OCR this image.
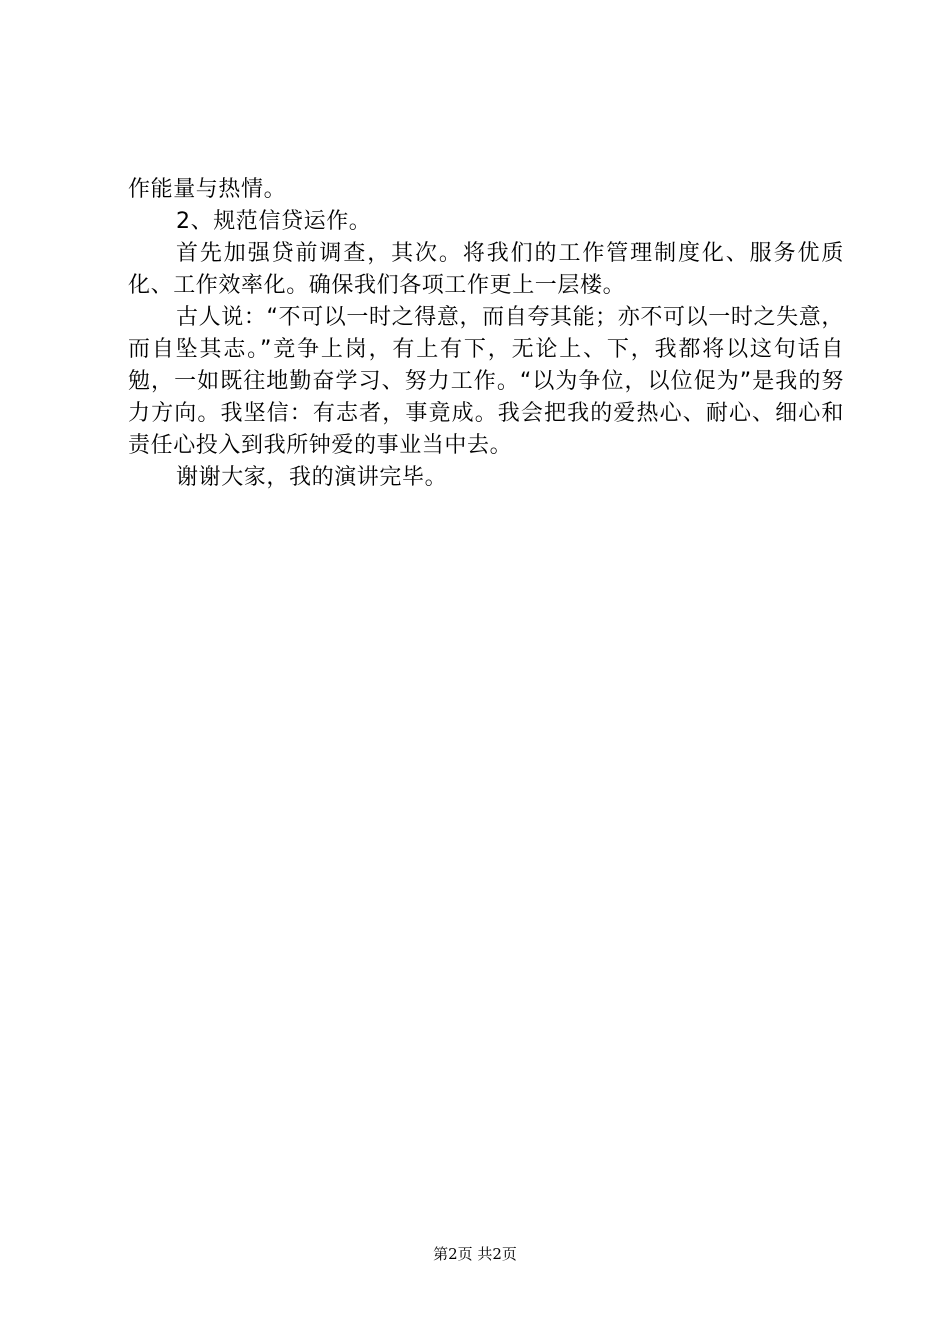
作能量与热情。

2、规范信贷运作。

首先加强贷前调查，其次。将我们的工作管理制度化、服务优质化、工作效率化。确保我们各项工作更上一层楼。

古人说：“不可以一时之得意，而自夸其能；亦不可以一时之失意，而自坠其志。”竞争上岗，有上有下，无论上、下，我都将以这句话自勉，一如既往地勤奋学习、努力工作。“以为争位，以位促为”是我的努力方向。我坚信：有志者，事竟成。我会把我的爱热心、耐心、细心和责任心投入到我所钟爱的事业当中去。

谢谢大家，我的演讲完毕。

第2页 共2页
